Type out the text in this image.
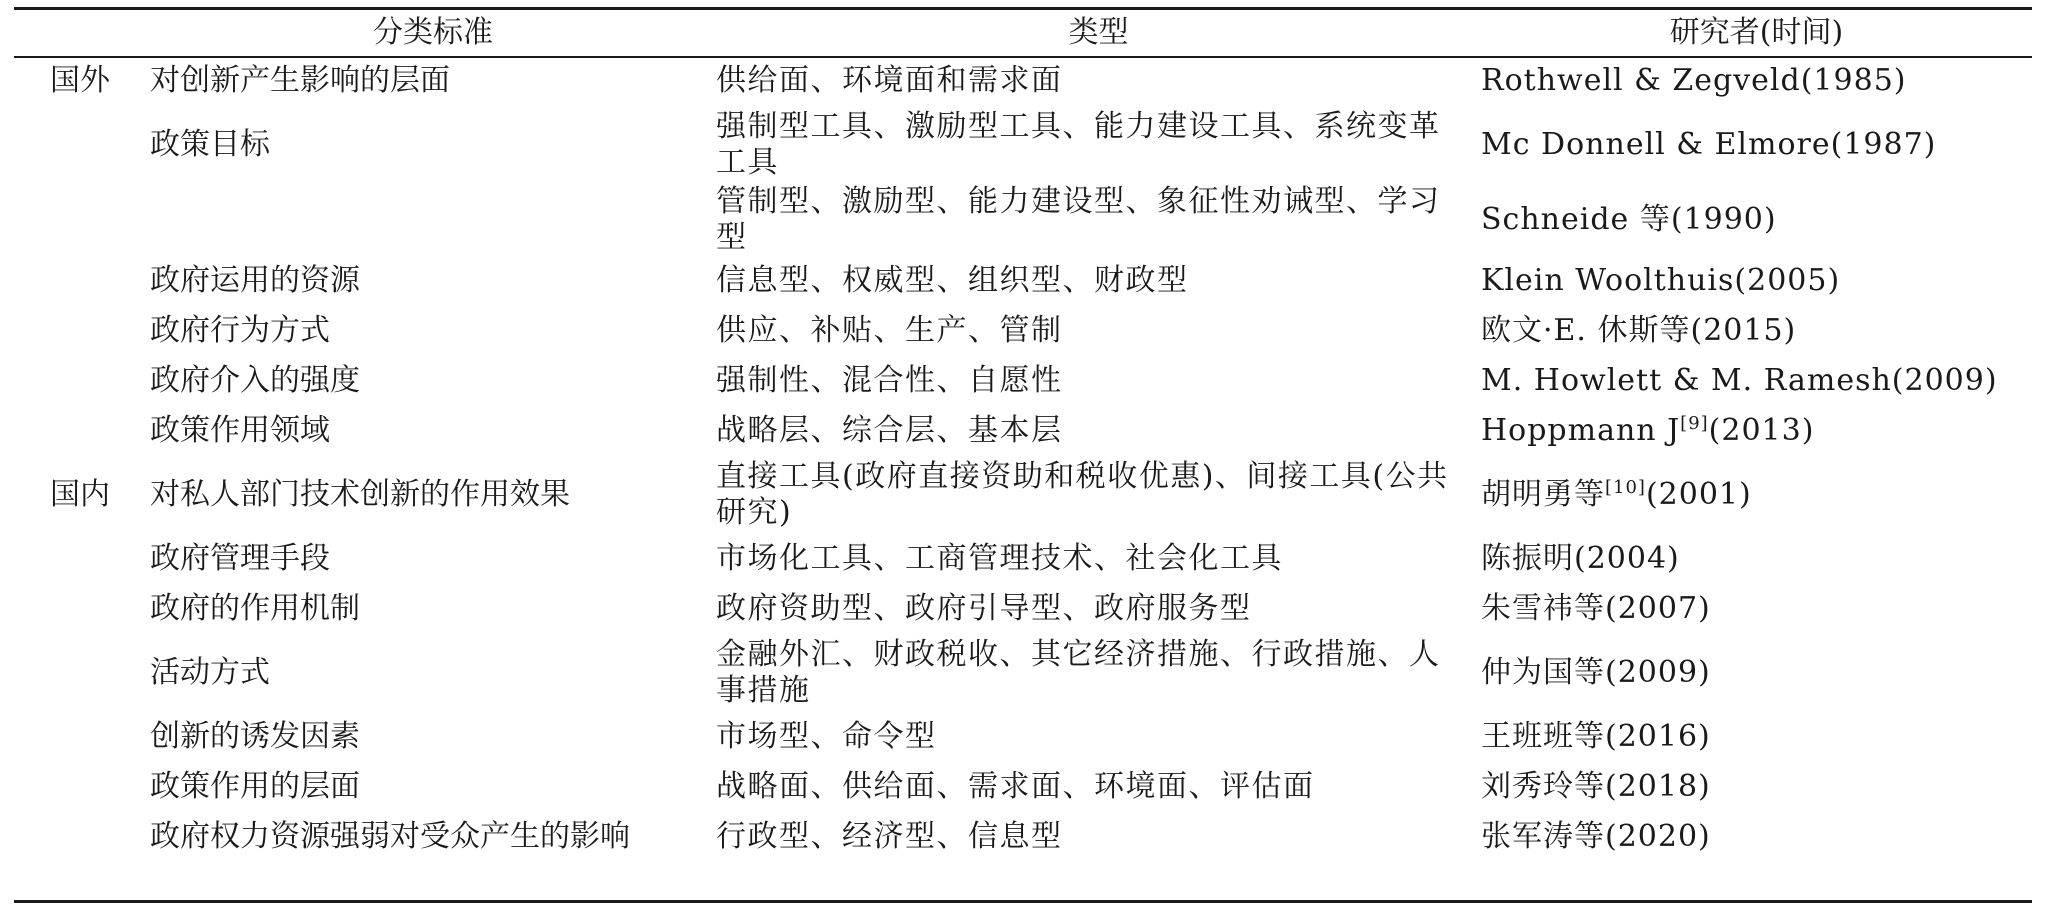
	分类标准	类型	研究者(时间)
国外	对创新产生影响的层面	供给面、环境面和需求面	Rothwell & Zegveld(1985)
	政策目标	强制型工具、激励型工具、能力建设工具、系统变革工具	Mc Donnell & Elmore(1987)
		管制型、激励型、能力建设型、象征性劝诫型、学习型	Schneide 等(1990)
	政府运用的资源	信息型、权威型、组织型、财政型	Klein Woolthuis(2005)
	政府行为方式	供应、补贴、生产、管制	欧文·E. 休斯等(2015)
	政府介入的强度	强制性、混合性、自愿性	M. Howlett & M. Ramesh(2009)
	政策作用领域	战略层、综合层、基本层	Hoppmann J[9](2013)
国内	对私人部门技术创新的作用效果	直接工具(政府直接资助和税收优惠)、间接工具(公共研究)	胡明勇等[10](2001)
	政府管理手段	市场化工具、工商管理技术、社会化工具	陈振明(2004)
	政府的作用机制	政府资助型、政府引导型、政府服务型	朱雪祎等(2007)
	活动方式	金融外汇、财政税收、其它经济措施、行政措施、人事措施	仲为国等(2009)
	创新的诱发因素	市场型、命令型	王班班等(2016)
	政策作用的层面	战略面、供给面、需求面、环境面、评估面	刘秀玲等(2018)
	政府权力资源强弱对受众产生的影响	行政型、经济型、信息型	张军涛等(2020)
